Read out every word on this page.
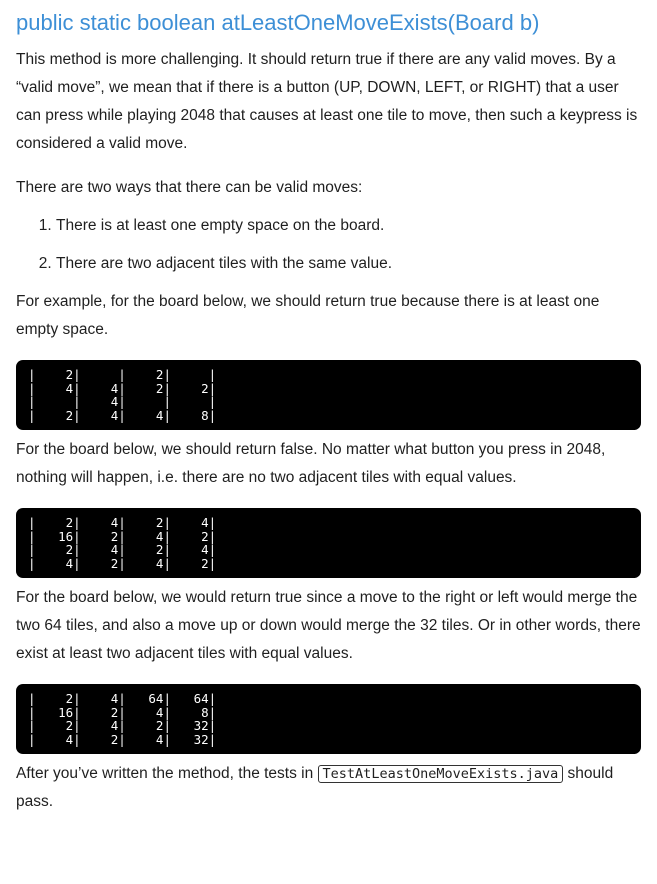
public static boolean atLeastOneMoveExists(Board b)

This method is more challenging. It should return true if there are any valid moves. By a “valid move”, we mean that if there is a button (UP, DOWN, LEFT, or RIGHT) that a user can press while playing 2048 that causes at least one tile to move, then such a keypress is considered a valid move.

There are two ways that there can be valid moves:

1. There is at least one empty space on the board.
2. There are two adjacent tiles with the same value.

For example, for the board below, we should return true because there is at least one empty space.

|    2|     |    2|     |
|    4|    4|    2|    2|
|     |    4|     |     |
|    2|    4|    4|    8|

For the board below, we should return false. No matter what button you press in 2048, nothing will happen, i.e. there are no two adjacent tiles with equal values.

|    2|    4|    2|    4|
|   16|    2|    4|    2|
|    2|    4|    2|    4|
|    4|    2|    4|    2|

For the board below, we would return true since a move to the right or left would merge the two 64 tiles, and also a move up or down would merge the 32 tiles. Or in other words, there exist at least two adjacent tiles with equal values.

|    2|    4|   64|   64|
|   16|    2|    4|    8|
|    2|    4|    2|   32|
|    4|    2|    4|   32|

After you’ve written the method, the tests in TestAtLeastOneMoveExists.java should pass.
